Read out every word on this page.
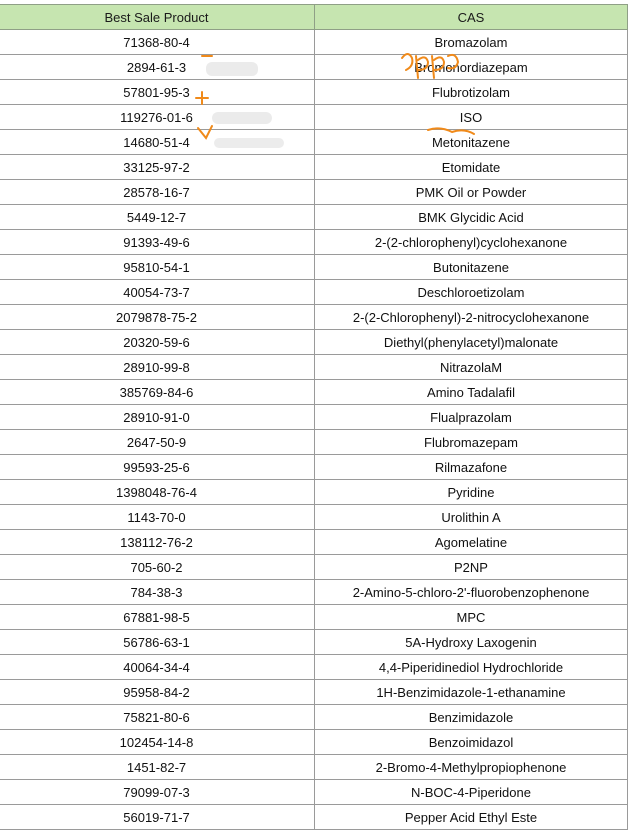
Best Sale Product	CAS
71368-80-4	Bromazolam
2894-61-3	Bromonordiazepam
57801-95-3	Flubrotizolam
119276-01-6	ISO
14680-51-4	Metonitazene
33125-97-2	Etomidate
28578-16-7	PMK Oil or Powder
5449-12-7	BMK Glycidic Acid
91393-49-6	2-(2-chlorophenyl)cyclohexanone
95810-54-1	Butonitazene
40054-73-7	Deschloroetizolam
2079878-75-2	2-(2-Chlorophenyl)-2-nitrocyclohexanone
20320-59-6	Diethyl(phenylacetyl)malonate
28910-99-8	NitrazolaM
385769-84-6	Amino Tadalafil
28910-91-0	Flualprazolam
2647-50-9	Flubromazepam
99593-25-6	Rilmazafone
1398048-76-4	Pyridine
1143-70-0	Urolithin A
138112-76-2	Agomelatine
705-60-2	P2NP
784-38-3	2-Amino-5-chloro-2'-fluorobenzophenone
67881-98-5	MPC
56786-63-1	5A-Hydroxy Laxogenin
40064-34-4	4,4-Piperidinediol Hydrochloride
95958-84-2	1H-Benzimidazole-1-ethanamine
75821-80-6	Benzimidazole
102454-14-8	Benzoimidazol
1451-82-7	2-Bromo-4-Methylpropiophenone
79099-07-3	N-BOC-4-Piperidone
56019-71-7	Pepper Acid Ethyl Este
